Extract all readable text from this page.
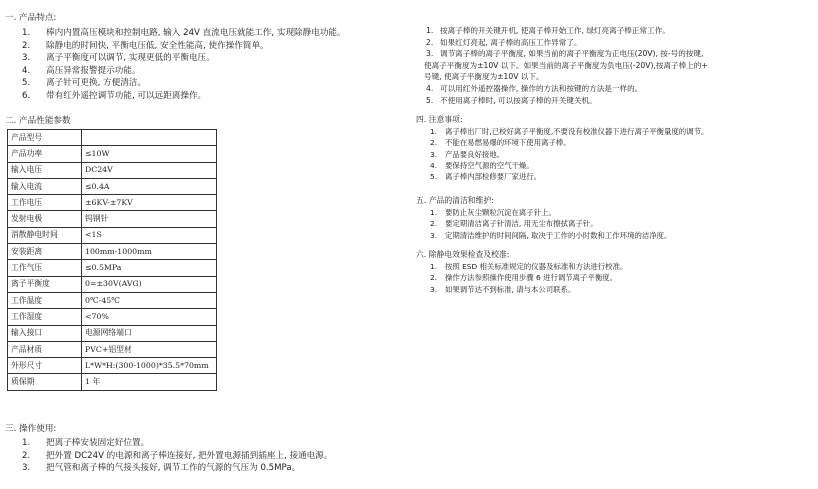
一. 产品特点:
1. 棒内内置高压模块和控制电路, 输入 24V 直流电压就能工作, 实现除静电功能。
2. 除静电的时间快, 平衡电压低, 安全性能高, 使作操作简单。
3. 离子平衡度可以调节, 实现更低的平衡电压。
4. 高压异常报警提示功能。
5. 离子针可更换, 方便清洁。
6. 带有红外遥控调节功能, 可以远距离操作。
二. 产品性能参数
产品型号	
产品功率	≤10W
输入电压	DC24V
输入电流	≤0.4A
工作电压	±6KV-±7KV
发射电极	钨钢针
消散静电时间	<1S
安装距离	100mm-1000mm
工作气压	≤0.5MPa
离子平衡度	0=±30V(AVG)
工作温度	0℃-45℃
工作湿度	<70%
输入接口	电源网络端口
产品材质	PVC+铝型材
外形尺寸	L*W*H:(300-1000)*35.5*70mm
质保期	1 年
三. 操作使用:
1. 把离子棒安装固定好位置。
2. 把外置 DC24V 的电源和离子棒连接好, 把外置电源插到插座上, 接通电源。
3. 把气管和离子棒的气接头接好, 调节工作的气源的气压为 0.5MPa。
1. 按离子棒的开关键开机, 使离子棒开始工作, 绿灯亮离子棒正常工作。
2. 如果红灯亮起, 离子棒的高压工作异常了。
3. 调节离子棒的离子平衡度, 如果当前的离子平衡度为正电压(20V), 按-号的按键,
使离子平衡度为±10V 以下。如果当前的离子平衡度为负电压(-20V),按离子棒上的+
号键, 使离子平衡度为±10V 以下。
4. 可以用红外遥控器操作, 操作的方法和按键的方法是一样的。
5. 不使用离子棒时, 可以按离子棒的开关键关机。
四. 注意事项:
1. 离子棒出厂时,已校好离子平衡度,不要没有校准仪器下进行离子平衡量度的调节。
2. 不能在易燃易爆的环境下使用离子棒。
3. 产品要良好接地。
4. 要保持空气源的空气干燥。
5. 离子棒内部检修要厂家进行。
五. 产品的清洁和维护:
1. 要防止灰尘颗粒沉淀在离子针上。
2. 要定期清洁离子针清洁, 用无尘布擦拭离子针。
3. 定期清洁维护的时间间隔, 取决于工作的小时数和工作环境的洁净度。
六. 除静电效果检查及校准:
1. 按照 ESD 相关标准规定的仪器及标准和方法进行校准。
2. 操作方法参照操作使用步骤 6 进行调节离子平衡度。
3. 如果调节达不到标准, 请与本公司联系。
